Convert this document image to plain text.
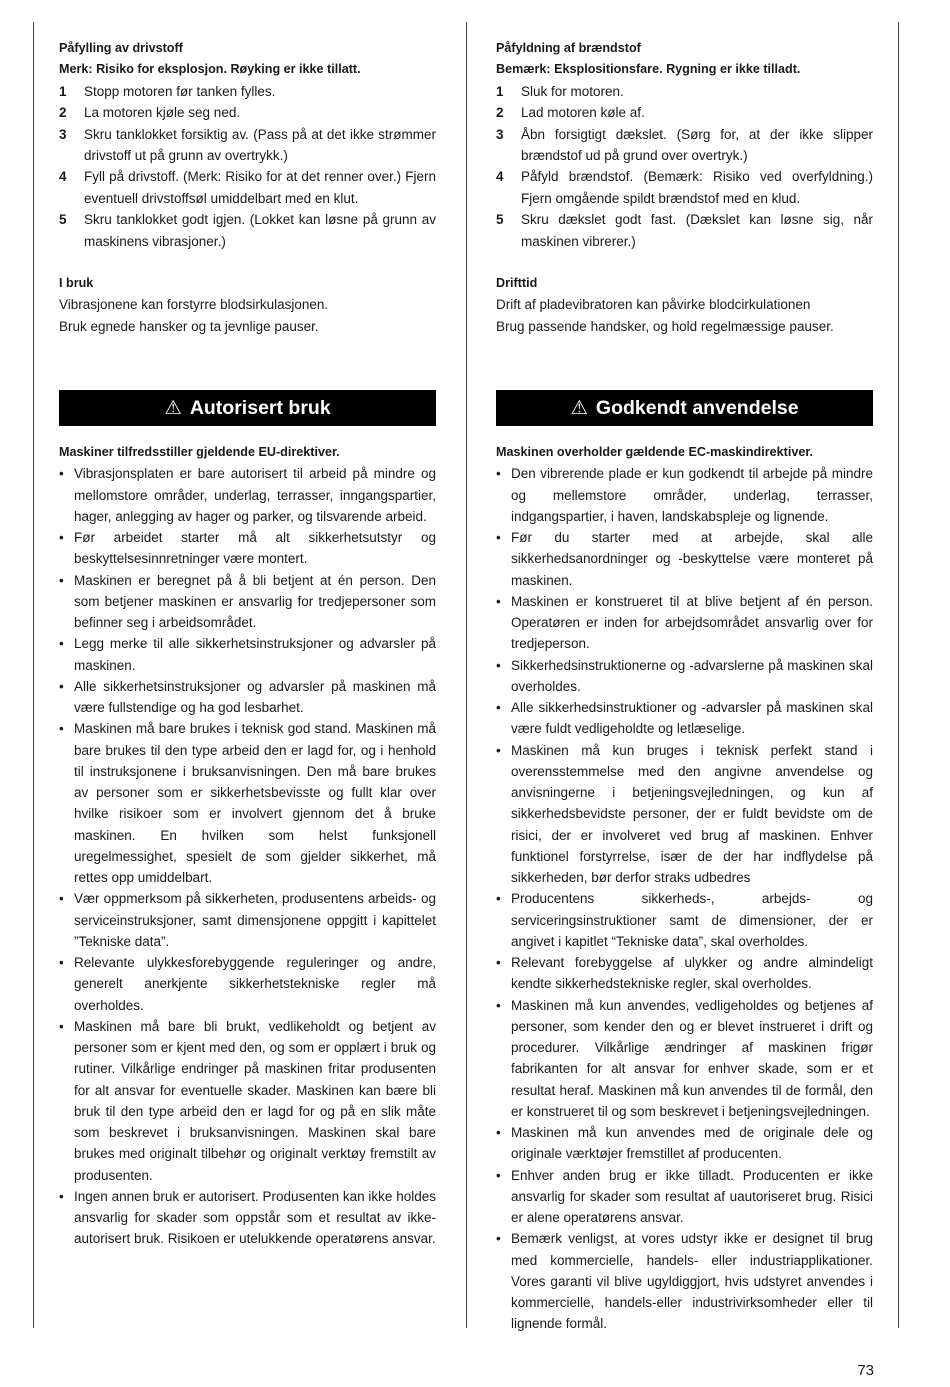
Påfylling av drivstoff
Merk: Risiko for eksplosjon. Røyking er ikke tillatt.
1 Stopp motoren før tanken fylles.
2 La motoren kjøle seg ned.
3 Skru tanklokket forsiktig av. (Pass på at det ikke strømmer drivstoff ut på grunn av overtrykk.)
4 Fyll på drivstoff. (Merk: Risiko for at det renner over.) Fjern eventuell drivstoffsøl umiddelbart med en klut.
5 Skru tanklokket godt igjen. (Lokket kan løsne på grunn av maskinens vibrasjoner.)
I bruk
Vibrasjonene kan forstyrre blodsirkulasjonen.
Bruk egnede hansker og ta jevnlige pauser.
Påfyldning af brændstof
Bemærk: Eksplositionsfare. Rygning er ikke tilladt.
1 Sluk for motoren.
2 Lad motoren køle af.
3 Åbn forsigtigt dækslet. (Sørg for, at der ikke slipper brændstof ud på grund over overtryk.)
4 Påfyld brændstof. (Bemærk: Risiko ved overfyldning.) Fjern omgående spildt brændstof med en klud.
5 Skru dækslet godt fast. (Dækslet kan løsne sig, når maskinen vibrerer.)
Drifttid
Drift af pladevibratoren kan påvirke blodcirkulationen
Brug passende handsker, og hold regelmæssige pauser.
⚠ Autorisert bruk	⚠ Godkendt anvendelse
Maskiner tilfredsstiller gjeldende EU-direktiver.
• Vibrasjonsplaten er bare autorisert til arbeid på mindre og mellomstore områder, underlag, terrasser, inngangspartier, hager, anlegging av hager og parker, og tilsvarende arbeid.
• Før arbeidet starter må alt sikkerhetsutstyr og beskyttelsesinnretninger være montert.
• Maskinen er beregnet på å bli betjent at én person. Den som betjener maskinen er ansvarlig for tredjepersoner som befinner seg i arbeidsområdet.
• Legg merke til alle sikkerhetsinstruksjoner og advarsler på maskinen.
• Alle sikkerhetsinstruksjoner og advarsler på maskinen må være fullstendige og ha god lesbarhet.
• Maskinen må bare brukes i teknisk god stand. Maskinen må bare brukes til den type arbeid den er lagd for, og i henhold til instruksjonene i bruksanvisningen. Den må bare brukes av personer som er sikkerhetsbevisste og fullt klar over hvilke risikoer som er involvert gjennom det å bruke maskinen. En hvilken som helst funksjonell uregelmessighet, spesielt de som gjelder sikkerhet, må rettes opp umiddelbart.
• Vær oppmerksom på sikkerheten, produsentens arbeids- og serviceinstruksjoner, samt dimensjonene oppgitt i kapittelet ”Tekniske data”.
• Relevante ulykkesforebyggende reguleringer og andre, generelt anerkjente sikkerhetstekniske regler må overholdes.
• Maskinen må bare bli brukt, vedlikeholdt og betjent av personer som er kjent med den, og som er opplært i bruk og rutiner. Vilkårlige endringer på maskinen fritar produsenten for alt ansvar for eventuelle skader. Maskinen kan bære bli bruk til den type arbeid den er lagd for og på en slik måte som beskrevet i bruksanvisningen. Maskinen skal bare brukes med originalt tilbehør og originalt verktøy fremstilt av produsenten.
• Ingen annen bruk er autorisert. Produsenten kan ikke holdes ansvarlig for skader som oppstår som et resultat av ikke-autorisert bruk. Risikoen er utelukkende operatørens ansvar.
Maskinen overholder gældende EC-maskindirektiver.
• Den vibrerende plade er kun godkendt til arbejde på mindre og mellemstore områder, underlag, terrasser, indgangspartier, i haven, landskabspleje og lignende.
• Før du starter med at arbejde, skal alle sikkerhedsanordninger og -beskyttelse være monteret på maskinen.
• Maskinen er konstrueret til at blive betjent af én person. Operatøren er inden for arbejdsområdet ansvarlig over for tredjeperson.
• Sikkerhedsinstruktionerne og -advarslerne på maskinen skal overholdes.
• Alle sikkerhedsinstruktioner og -advarsler på maskinen skal være fuldt vedligeholdte og letlæselige.
• Maskinen må kun bruges i teknisk perfekt stand i overensstemmelse med den angivne anvendelse og anvisningerne i betjeningsvejledningen, og kun af sikkerhedsbevidste personer, der er fuldt bevidste om de risici, der er involveret ved brug af maskinen. Enhver funktionel forstyrrelse, især de der har indflydelse på sikkerheden, bør derfor straks udbedres
• Producentens sikkerheds-, arbejds- og serviceringsinstruktioner samt de dimensioner, der er angivet i kapitlet “Tekniske data”, skal overholdes.
• Relevant forebyggelse af ulykker og andre almindeligt kendte sikkerhedstekniske regler, skal overholdes.
• Maskinen må kun anvendes, vedligeholdes og betjenes af personer, som kender den og er blevet instrueret i drift og procedurer. Vilkårlige ændringer af maskinen frigør fabrikanten for alt ansvar for enhver skade, som er et resultat heraf. Maskinen må kun anvendes til de formål, den er konstrueret til og som beskrevet i betjeningsvejledningen.
• Maskinen må kun anvendes med de originale dele og originale værktøjer fremstillet af producenten.
• Enhver anden brug er ikke tilladt. Producenten er ikke ansvarlig for skader som resultat af uautoriseret brug. Risici er alene operatørens ansvar.
• Bemærk venligst, at vores udstyr ikke er designet til brug med kommercielle, handels- eller industriapplikationer. Vores garanti vil blive ugyldiggjort, hvis udstyret anvendes i kommercielle, handels-eller industrivirksomheder eller til lignende formål.
73
